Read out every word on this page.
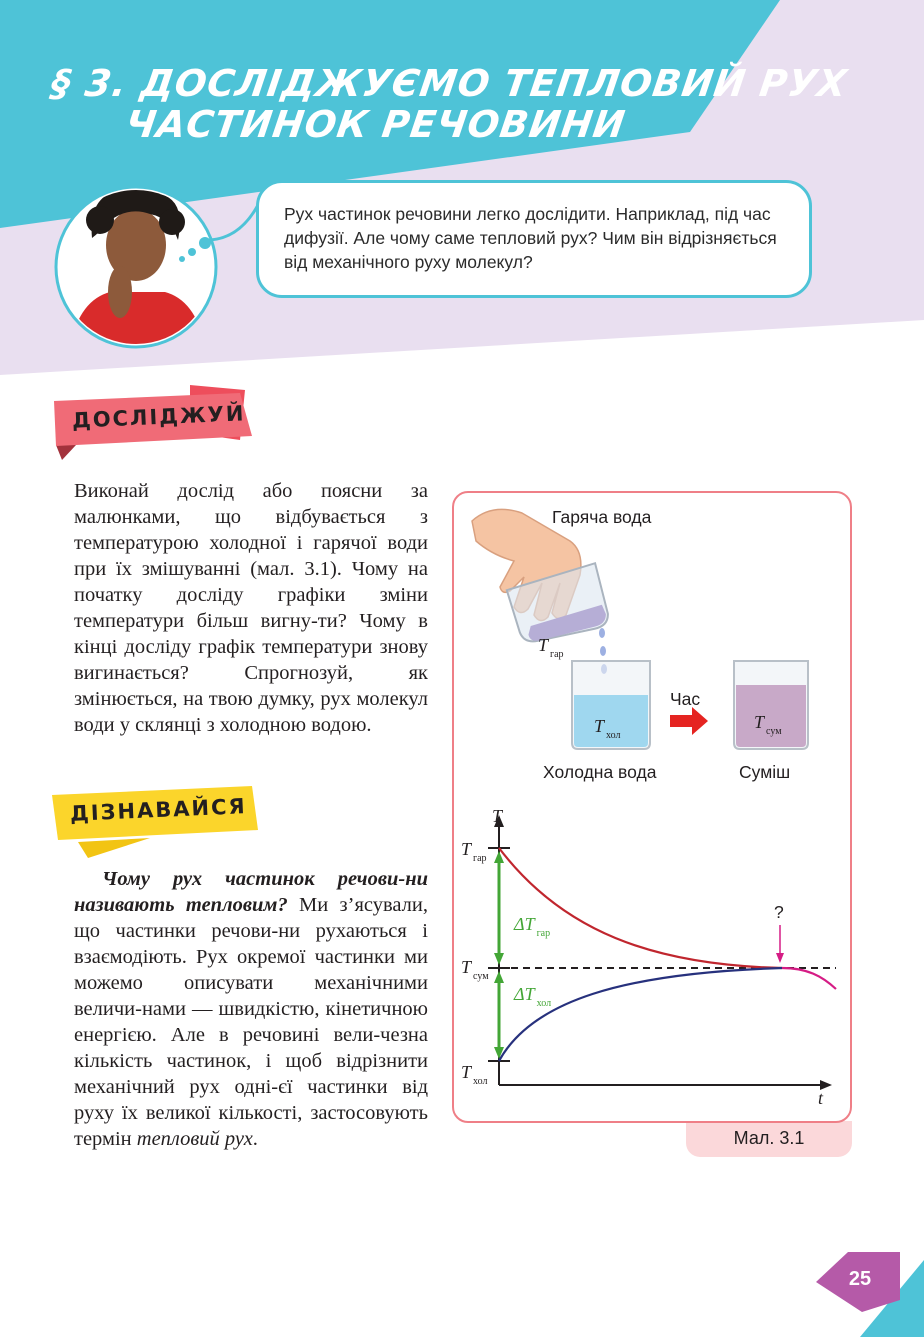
§ 3. ДОСЛІДЖУЄМО ТЕПЛОВИЙ РУХ
ЧАСТИНОК РЕЧОВИНИ
Рух частинок речовини легко дослідити. Наприклад, під час дифузії. Але чому саме тепловий рух? Чим він відрізняється від механічного руху молекул?
ДОСЛІДЖУЙ

Виконай дослід або поясни за малюнками, що відбувається з температурою холодної і гарячої води при їх змішуванні (мал. 3.1). Чому на початку досліду графіки зміни температури більш вигну-ти? Чому в кінці досліду графік температури знову вигинається? Спрогнозуй, як змінюється, на твою думку, рух молекул води у склянці з холодною водою.

ДІЗНАВАЙСЯ

Чому рух частинок речови-ни називають тепловим? Ми з’ясували, що частинки речови-ни рухаються і взаємодіють. Рух окремої частинки ми можемо описувати механічними величи-нами — швидкістю, кінетичною енергією. Але в речовині вели-чезна кількість частинок, і щоб відрізнити механічний рух одні-єї частинки від руху їх великої кількості, застосовують термін тепловий рух.	Мал. 3.1
Гаряча вода
Холодна вода	Суміш
Час
T $_{гар}$
T $_{хол}$
T $_{сум}$
T
t
T $_{гар}$
T $_{сум}$
T $_{хол}$
ΔT $_{гар}$
ΔT $_{хол}$
?
25
